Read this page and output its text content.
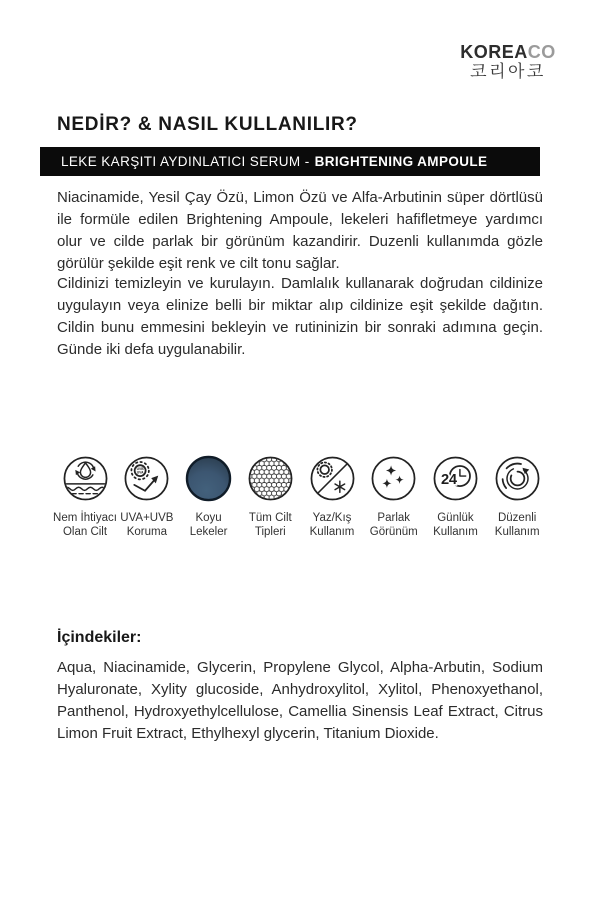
KOREACO
코리아코
NEDİR? & NASIL KULLANILIR?
LEKE KARŞITI AYDINLATICI SERUM - BRIGHTENING AMPOULE
Niacinamide, Yesil Çay Özü, Limon Özü ve Alfa-Arbutinin süper dörtlüsü ile formüle edilen Brightening Ampoule, lekeleri hafifletmeye yardımcı olur ve cilde parlak bir görünüm kazandirir. Duzenli kullanımda gözle görülür şekilde eşit renk ve cilt tonu sağlar.
Cildinizi temizleyin ve kurulayın. Damlalık kullanarak doğrudan cildinize uygulayın veya elinize belli bir miktar alıp cildinize eşit şekilde dağıtın. Cildin bunu emmesini bekleyin ve rutininizin bir sonraki adımına geçin. Günde iki defa uygulanabilir.
Nem İhtiyacı
Olan Cilt
UVB
UVA
UVA+UVB
Koruma
Koyu
Lekeler
Tüm Cilt
Tipleri
Yaz/Kış
Kullanım
Parlak
Görünüm
24
Günlük
Kullanım
Düzenli
Kullanım
İçindekiler:
Aqua, Niacinamide, Glycerin, Propylene Glycol, Alpha-Arbutin, Sodium Hyaluronate, Xylity glucoside, Anhydroxylitol, Xylitol, Phenoxyethanol, Panthenol, Hydroxyethylcellulose, Camellia Sinensis Leaf Extract, Citrus Limon Fruit Extract, Ethylhexyl glycerin, Titanium Dioxide.
